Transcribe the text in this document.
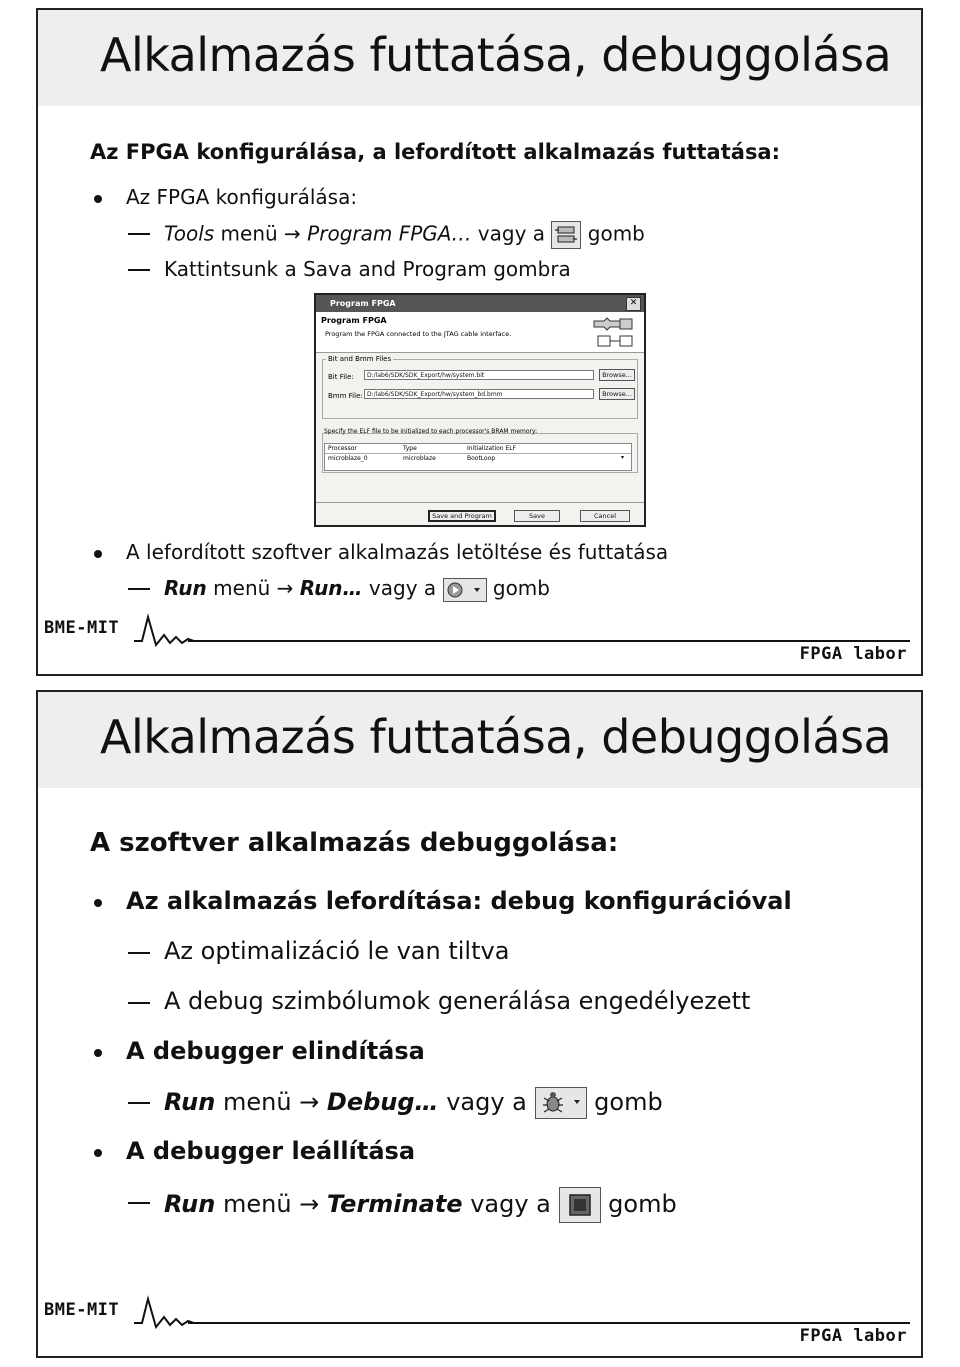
Alkalmazás futtatása, debuggolása
Az FPGA konfigurálása, a lefordított alkalmazás futtatása:
Az FPGA konfigurálása:
Tools menü → Program FPGA… vagy a  gomb
Kattintsunk a Sava and Program gombra
Program FPGA	✕
Program FPGA
Program the FPGA connected to the JTAG cable interface.
Bit and Bmm Files
Bit File:	D:/lab6/SDK/SDK_Export/hw/system.bit	Browse...
Bmm File: D:/lab6/SDK/SDK_Export/hw/system_bd.bmm	Browse...
Specify the ELF file to be initialized to each processor's BRAM memory:
Processor	Type	Initialization ELF
microblaze_0	microblaze	BootLoop	▾
Save and Program	Save	Cancel
A lefordított szoftver alkalmazás letöltése és futtatása
Run menü → Run… vagy a  gomb
BME-MIT
FPGA labor
Alkalmazás futtatása, debuggolása
A szoftver alkalmazás debuggolása:
Az alkalmazás lefordítása: debug konfigurációval
Az optimalizáció le van tiltva
A debug szimbólumok generálása engedélyezett
A debugger elindítása
Run menü → Debug… vagy a  gomb
A debugger leállítása
Run menü → Terminate vagy a  gomb
BME-MIT
FPGA labor
